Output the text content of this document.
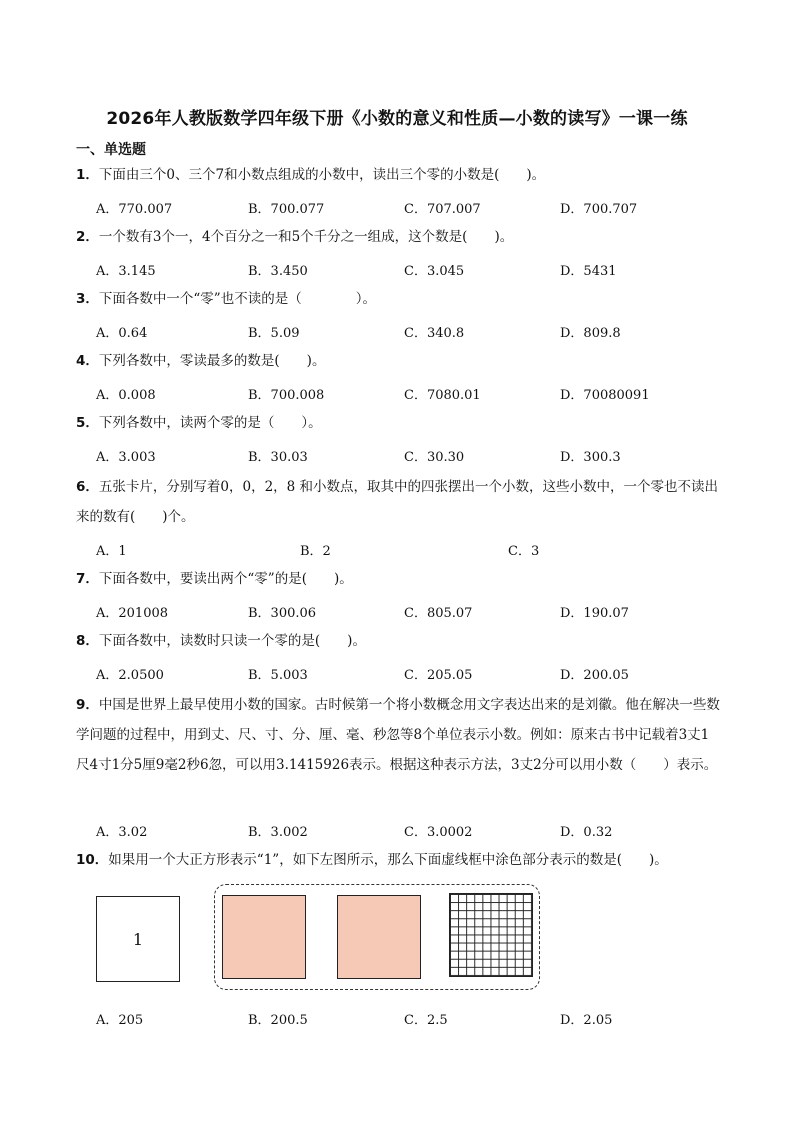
2026年人教版数学四年级下册《小数的意义和性质—小数的读写》一课一练
一、单选题
1．下面由三个0、三个7和小数点组成的小数中，读出三个零的小数是(　　)。
A．770.007	B．700.077	C．707.007	D．700.707
2．一个数有3个一，4个百分之一和5个千分之一组成，这个数是(　　)。
A．3.145	B．3.450	C．3.045	D．5431
3．下面各数中一个“零”也不读的是（　　　　）。
A．0.64	B．5.09	C．340.8	D．809.8
4．下列各数中，零读最多的数是(　　)。
A．0.008	B．700.008	C．7080.01	D．70080091
5．下列各数中，读两个零的是（　　）。
A．3.003	B．30.03	C．30.30	D．300.3
6．五张卡片，分别写着0，0，2，8 和小数点，取其中的四张摆出一个小数，这些小数中，一个零也不读出来的数有(　　)个。
A．1	B．2	C．3
7．下面各数中，要读出两个“零”的是(　　)。
A．201008	B．300.06	C．805.07	D．190.07
8．下面各数中，读数时只读一个零的是(　　)。
A．2.0500	B．5.003	C．205.05	D．200.05
9．中国是世界上最早使用小数的国家。古时候第一个将小数概念用文字表达出来的是刘徽。他在解决一些数学问题的过程中，用到丈、尺、寸、分、厘、毫、秒忽等8个单位表示小数。例如：原来古书中记载着3丈1尺4寸1分5厘9毫2秒6忽，可以用3.1415926表示。根据这种表示方法，3丈2分可以用小数（　　）表示。
A．3.02	B．3.002	C．3.0002	D．0.32
10．如果用一个大正方形表示“1”，如下左图所示，那么下面虚线框中涂色部分表示的数是(　　)。
1
A．205	B．200.5	C．2.5	D．2.05
